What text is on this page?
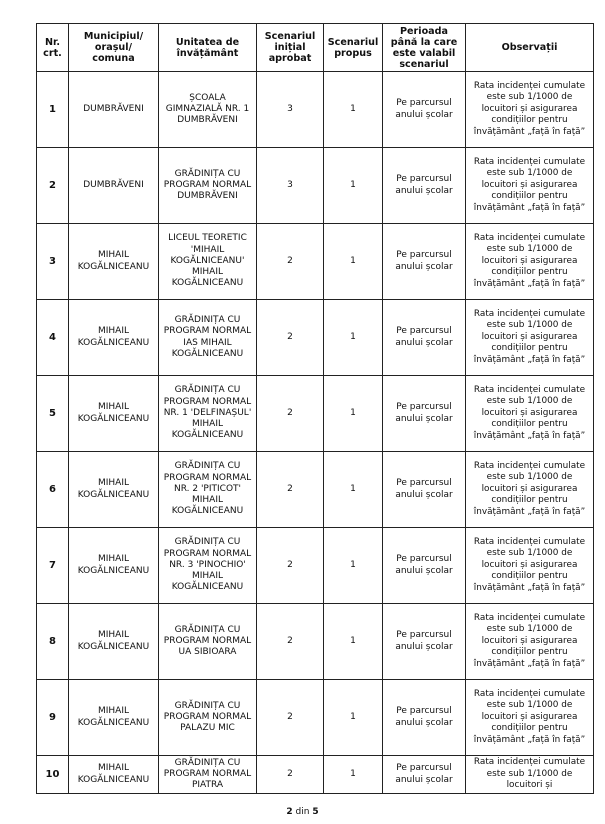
Nr.
crt.	Municipiul/
orașul/
comuna	Unitatea de
învățământ	Scenariul
inițial
aprobat	Scenariul
propus	Perioada
până la care
este valabil
scenariul	Observații
1	DUMBRĂVENI	ȘCOALA GIMNAZIALĂ NR. 1 DUMBRĂVENI	3	1	Pe parcursul anului școlar	Rata incidenței cumulate este sub 1/1000 de locuitori și asigurarea condițiilor pentru învățământ „față în față”
2	DUMBRĂVENI	GRĂDINIȚA CU PROGRAM NORMAL DUMBRĂVENI	3	1	Pe parcursul anului școlar	Rata incidenței cumulate este sub 1/1000 de locuitori și asigurarea condițiilor pentru învățământ „față în față”
3	MIHAIL KOGĂLNICEANU	LICEUL TEORETIC 'MIHAIL KOGĂLNICEANU' MIHAIL KOGĂLNICEANU	2	1	Pe parcursul anului școlar	Rata incidenței cumulate este sub 1/1000 de locuitori și asigurarea condițiilor pentru învățământ „față în față”
4	MIHAIL KOGĂLNICEANU	GRĂDINIȚA CU PROGRAM NORMAL IAS MIHAIL KOGĂLNICEANU	2	1	Pe parcursul anului școlar	Rata incidenței cumulate este sub 1/1000 de locuitori și asigurarea condițiilor pentru învățământ „față în față”
5	MIHAIL KOGĂLNICEANU	GRĂDINIȚA CU PROGRAM NORMAL NR. 1 'DELFINAȘUL' MIHAIL KOGĂLNICEANU	2	1	Pe parcursul anului școlar	Rata incidenței cumulate este sub 1/1000 de locuitori și asigurarea condițiilor pentru învățământ „față în față”
6	MIHAIL KOGĂLNICEANU	GRĂDINIȚA CU PROGRAM NORMAL NR. 2 'PITICOT' MIHAIL KOGĂLNICEANU	2	1	Pe parcursul anului școlar	Rata incidenței cumulate este sub 1/1000 de locuitori și asigurarea condițiilor pentru învățământ „față în față”
7	MIHAIL KOGĂLNICEANU	GRĂDINIȚA CU PROGRAM NORMAL NR. 3 'PINOCHIO' MIHAIL KOGĂLNICEANU	2	1	Pe parcursul anului școlar	Rata incidenței cumulate este sub 1/1000 de locuitori și asigurarea condițiilor pentru învățământ „față în față”
8	MIHAIL KOGĂLNICEANU	GRĂDINIȚA CU PROGRAM NORMAL UA SIBIOARA	2	1	Pe parcursul anului școlar	Rata incidenței cumulate este sub 1/1000 de locuitori și asigurarea condițiilor pentru învățământ „față în față”
9	MIHAIL KOGĂLNICEANU	GRĂDINIȚA CU PROGRAM NORMAL PALAZU MIC	2	1	Pe parcursul anului școlar	Rata incidenței cumulate este sub 1/1000 de locuitori și asigurarea condițiilor pentru învățământ „față în față”
10	MIHAIL KOGĂLNICEANU	GRĂDINIȚA CU PROGRAM NORMAL PIATRA	2	1	Pe parcursul anului școlar	Rata incidenței cumulate este sub 1/1000 de locuitori și
2 din 5
